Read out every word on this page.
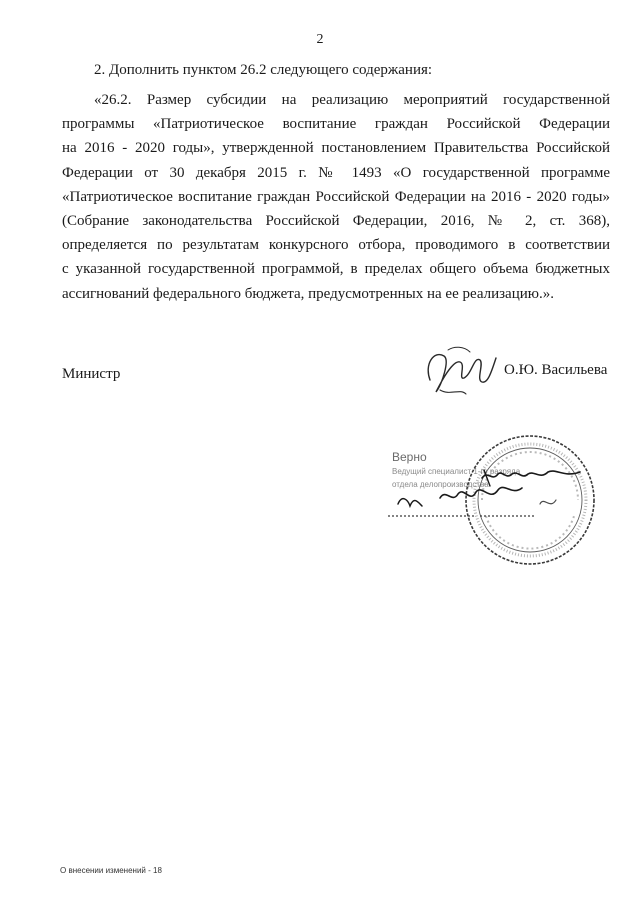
2
2. Дополнить пунктом 26.2 следующего содержания:
«26.2. Размер субсидии на реализацию мероприятий государственной
программы «Патриотическое воспитание граждан Российской Федерации
на 2016 - 2020 годы», утвержденной постановлением Правительства Российской
Федерации от 30 декабря 2015 г. № 1493 «О государственной программе
«Патриотическое воспитание граждан Российской Федерации на 2016 - 2020 годы»
(Собрание законодательства Российской Федерации, 2016, № 2, ст. 368),
определяется по результатам конкурсного отбора, проводимого в соответствии
с указанной государственной программой, в пределах общего объема бюджетных
ассигнований федерального бюджета, предусмотренных на ее реализацию.».
Министр	О.Ю. Васильева
Верно
Ведущий специалист 1-го разряда
отдела делопроизводства
О внесении изменений - 18
